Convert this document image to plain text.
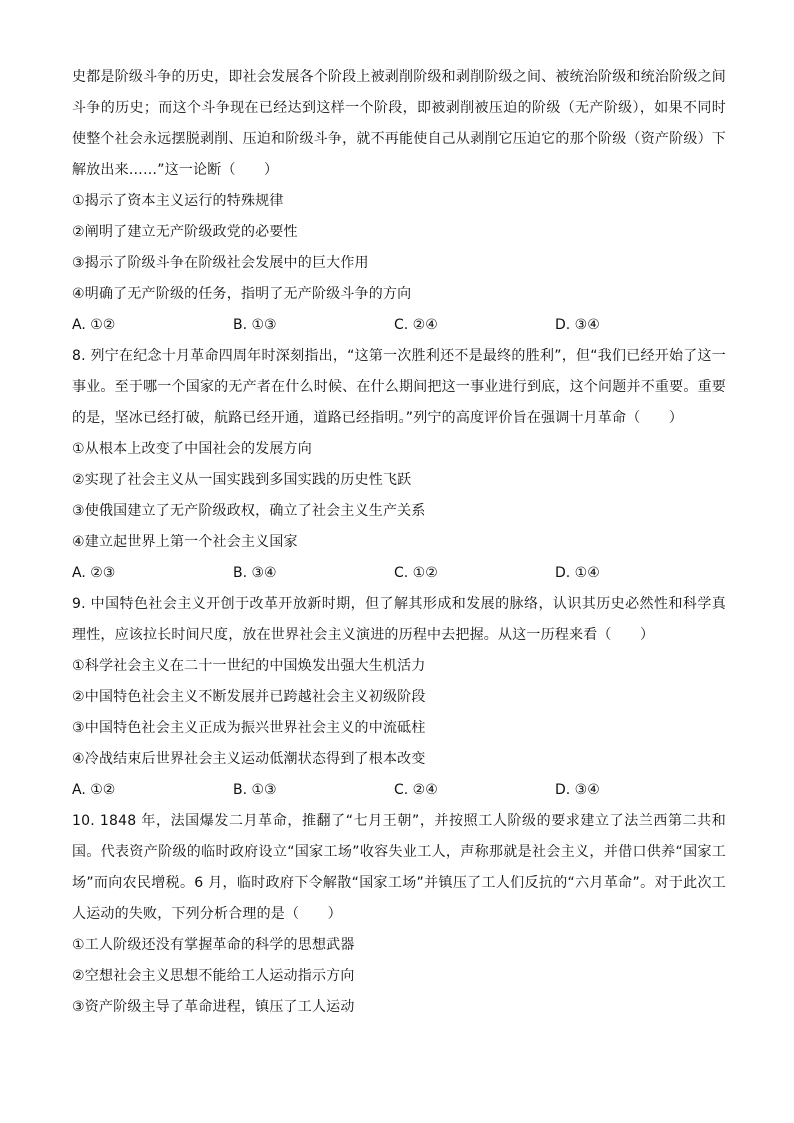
史都是阶级斗争的历史，即社会发展各个阶段上被剥削阶级和剥削阶级之间、被统治阶级和统治阶级之间斗争的历史；而这个斗争现在已经达到这样一个阶段，即被剥削被压迫的阶级（无产阶级），如果不同时使整个社会永远摆脱剥削、压迫和阶级斗争，就不再能使自己从剥削它压迫它的那个阶级（资产阶级）下解放出来……”这一论断（　　）

①揭示了资本主义运行的特殊规律
②阐明了建立无产阶级政党的必要性
③揭示了阶级斗争在阶级社会发展中的巨大作用
④明确了无产阶级的任务，指明了无产阶级斗争的方向
A. ①②	B. ①③	C. ②④	D. ③④

8. 列宁在纪念十月革命四周年时深刻指出，“这第一次胜利还不是最终的胜利”，但“我们已经开始了这一事业。至于哪一个国家的无产者在什么时候、在什么期间把这一事业进行到底，这个问题并不重要。重要的是，坚冰已经打破，航路已经开通，道路已经指明。”列宁的高度评价旨在强调十月革命（　　）

①从根本上改变了中国社会的发展方向
②实现了社会主义从一国实践到多国实践的历史性飞跃
③使俄国建立了无产阶级政权，确立了社会主义生产关系
④建立起世界上第一个社会主义国家
A. ②③	B. ③④	C. ①②	D. ①④

9. 中国特色社会主义开创于改革开放新时期，但了解其形成和发展的脉络，认识其历史必然性和科学真理性，应该拉长时间尺度，放在世界社会主义演进的历程中去把握。从这一历程来看（　　）

①科学社会主义在二十一世纪的中国焕发出强大生机活力
②中国特色社会主义不断发展并已跨越社会主义初级阶段
③中国特色社会主义正成为振兴世界社会主义的中流砥柱
④冷战结束后世界社会主义运动低潮状态得到了根本改变
A. ①②	B. ①③	C. ②④	D. ③④

10. 1848 年，法国爆发二月革命，推翻了“七月王朝”，并按照工人阶级的要求建立了法兰西第二共和国。代表资产阶级的临时政府设立“国家工场”收容失业工人，声称那就是社会主义，并借口供养“国家工场”而向农民增税。6 月，临时政府下令解散“国家工场”并镇压了工人们反抗的“六月革命”。对于此次工人运动的失败，下列分析合理的是（　　）

①工人阶级还没有掌握革命的科学的思想武器
②空想社会主义思想不能给工人运动指示方向
③资产阶级主导了革命进程，镇压了工人运动
